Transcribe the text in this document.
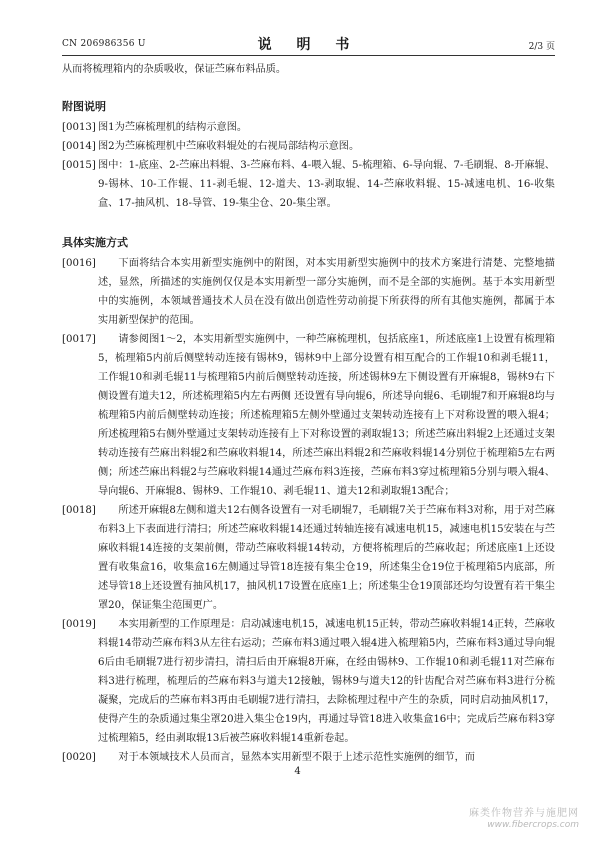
CN 206986356 U	说 明 书	2/3 页

从而将梳理箱内的杂质吸收，保证苎麻布料品质。

附图说明

[0013] 图1为苎麻梳理机的结构示意图。
[0014] 图2为苎麻梳理机中苎麻收料辊处的右视局部结构示意图。
[0015] 图中：1-底座、2-苎麻出料辊、3-苎麻布料、4-喂入辊、5-梳理箱、6-导向辊、7-毛刷辊、8-开麻辊、9-锡林、10-工作辊、11-剥毛辊、12-道夫、13-剥取辊、14-苎麻收料辊、15-减速电机、16-收集盒、17-抽风机、18-导管、19-集尘仓、20-集尘罩。

具体实施方式

[0016]	下面将结合本实用新型实施例中的附图，对本实用新型实施例中的技术方案进行清楚、完整地描述，显然，所描述的实施例仅仅是本实用新型一部分实施例，而不是全部的实施例。基于本实用新型中的实施例，本领域普通技术人员在没有做出创造性劳动前提下所获得的所有其他实施例，都属于本实用新型保护的范围。
[0017]	请参阅图1～2，本实用新型实施例中，一种苎麻梳理机，包括底座1，所述底座1上设置有梳理箱5，梳理箱5内前后侧壁转动连接有锡林9，锡林9中上部分设置有相互配合的工作辊10和剥毛辊11，工作辊10和剥毛辊11与梳理箱5内前后侧壁转动连接，所述锡林9左下侧设置有开麻辊8，锡林9右下侧设置有道夫12，所述梳理箱5内左右两侧 还设置有导向辊6，所述导向辊6、毛刷辊7和开麻辊8均与梳理箱5内前后侧壁转动连接；所述梳理箱5左侧外壁通过支架转动连接有上下对称设置的喂入辊4；所述梳理箱5右侧外壁通过支架转动连接有上下对称设置的剥取辊13；所述苎麻出料辊2上还通过支架转动连接有苎麻出料辊2和苎麻收料辊14，所述苎麻出料辊2和苎麻收料辊14分别位于梳理箱5左右两侧；所述苎麻出料辊2与苎麻收料辊14通过苎麻布料3连接，苎麻布料3穿过梳理箱5分别与喂入辊4、导向辊6、开麻辊8、锡林9、工作辊10、剥毛辊11、道夫12和剥取辊13配合；
[0018]	所述开麻辊8左侧和道夫12右侧各设置有一对毛刷辊7，毛刷辊7关于苎麻布料3对称，用于对苎麻布料3上下表面进行清扫；所述苎麻收料辊14还通过转轴连接有减速电机15，减速电机15安装在与苎麻收料辊14连接的支架前侧，带动苎麻收料辊14转动，方便将梳理后的苎麻收起；所述底座1上还设置有收集盒16，收集盒16左侧通过导管18连接有集尘仓19，所述集尘仓19位于梳理箱5内底部，所述导管18上还设置有抽风机17，抽风机17设置在底座1上；所述集尘仓19顶部还均匀设置有若干集尘罩20，保证集尘范围更广。
[0019]	本实用新型的工作原理是：启动减速电机15，减速电机15正转，带动苎麻收料辊14正转，苎麻收料辊14带动苎麻布料3从左往右运动；苎麻布料3通过喂入辊4进入梳理箱5内，苎麻布料3通过导向辊6后由毛刷辊7进行初步清扫，清扫后由开麻辊8开麻，在经由锡林9、工作辊10和剥毛辊11对苎麻布料3进行梳理，梳理后的苎麻布料3与道夫12接触，锡林9与道夫12的针齿配合对苎麻布料3进行分梳凝聚，完成后的苎麻布料3再由毛刷辊7进行清扫，去除梳理过程中产生的杂质，同时启动抽风机17，使得产生的杂质通过集尘罩20进入集尘仓19内，再通过导管18进入收集盒16中；完成后苎麻布料3穿过梳理箱5，经由剥取辊13后被苎麻收料辊14重新卷起。
[0020]	对于本领域技术人员而言，显然本实用新型不限于上述示范性实施例的细节，而
4
麻类作物营养与施肥网
www.fibercrops.com
